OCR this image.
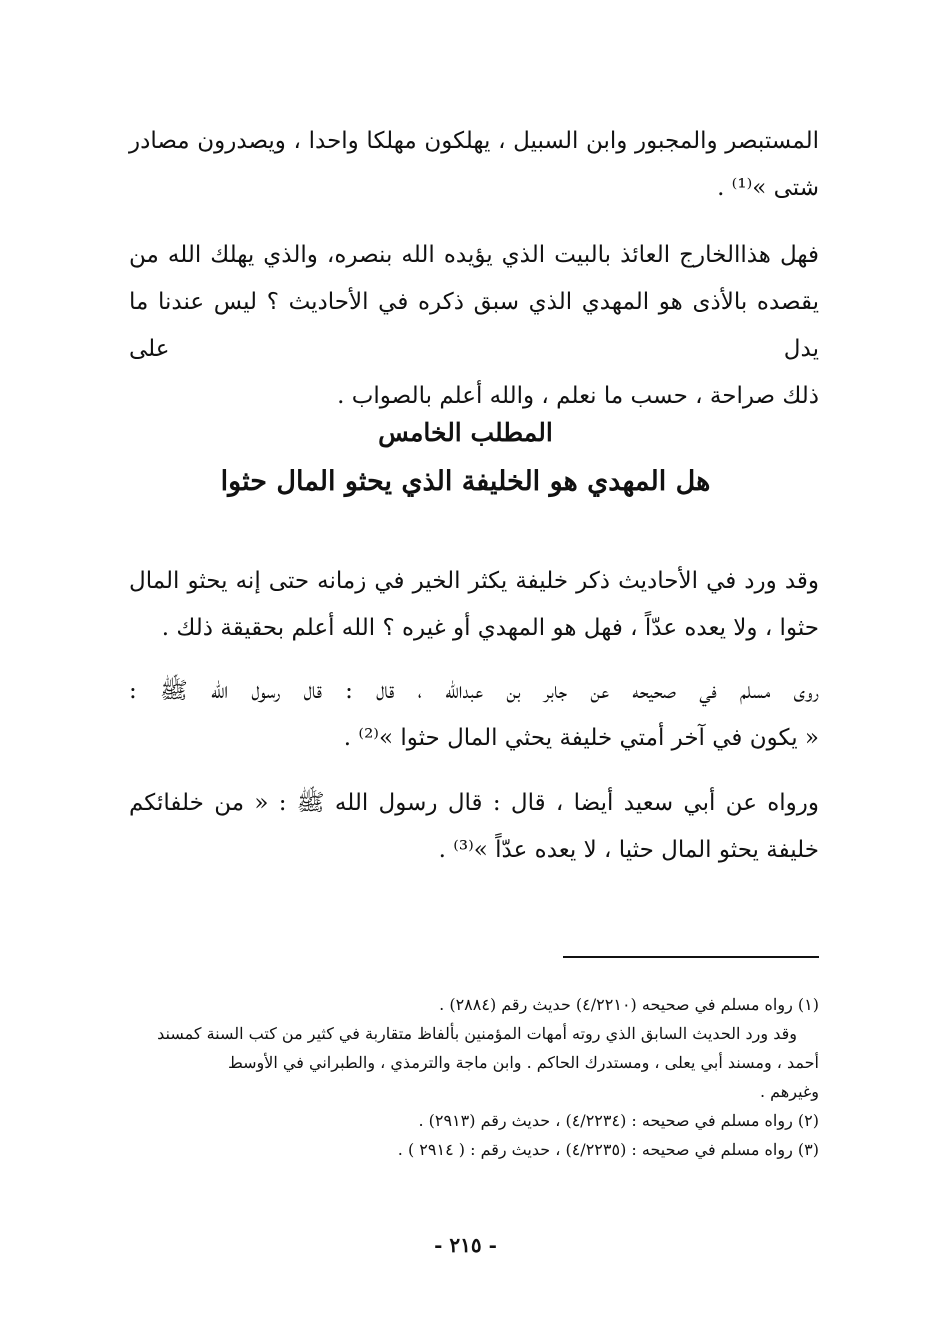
المستبصر والمجبور وابن السبيل ، يهلكون مهلكا واحدا ، ويصدرون مصادر

شتى »⁽¹⁾ .

فهل هذاالخارج العائذ بالبيت الذي يؤيده الله بنصره، والذي يهلك الله من

يقصده بالأذى هو المهدي الذي سبق ذكره في الأحاديث ؟ ليس عندنا ما يدل على

ذلك صراحة ، حسب ما نعلم ، والله أعلم بالصواب .

المطلب الخامس
هل المهدي هو الخليفة الذي يحثو المال حثوا

وقد ورد في الأحاديث ذكر خليفة يكثر الخير في زمانه حتى إنه يحثو المال

حثوا ، ولا يعده عدّاً ، فهل هو المهدي أو غيره ؟ الله أعلم بحقيقة ذلك .

روى مسلم في صحيحه عن جابر بن عبدالله ، قال : قال رسول الله ﷺ :

« يكون في آخر أمتي خليفة يحثي المال حثوا »⁽²⁾ .

ورواه عن أبي سعيد أيضا ، قال : قال رسول الله ﷺ : « من خلفائكم

خليفة يحثو المال حثيا ، لا يعده عدّاً »⁽³⁾ .

(١) رواه مسلم في صحيحه (٤/٢٢١٠) حديث رقم (٢٨٨٤) .

وقد ورد الحديث السابق الذي روته أمهات المؤمنين بألفاظ متقاربة في كثير من كتب السنة كمسند

أحمد ، ومسند أبي يعلى ، ومستدرك الحاكم . وابن ماجة والترمذي ، والطبراني في الأوسط

وغيرهم .

(٢) رواه مسلم في صحيحه : (٤/٢٢٣٤) ، حديث رقم (٢٩١٣) .

(٣) رواه مسلم في صحيحه : (٤/٢٢٣٥) ، حديث رقم : ( ٢٩١٤ ) .

- ٢١٥ -
